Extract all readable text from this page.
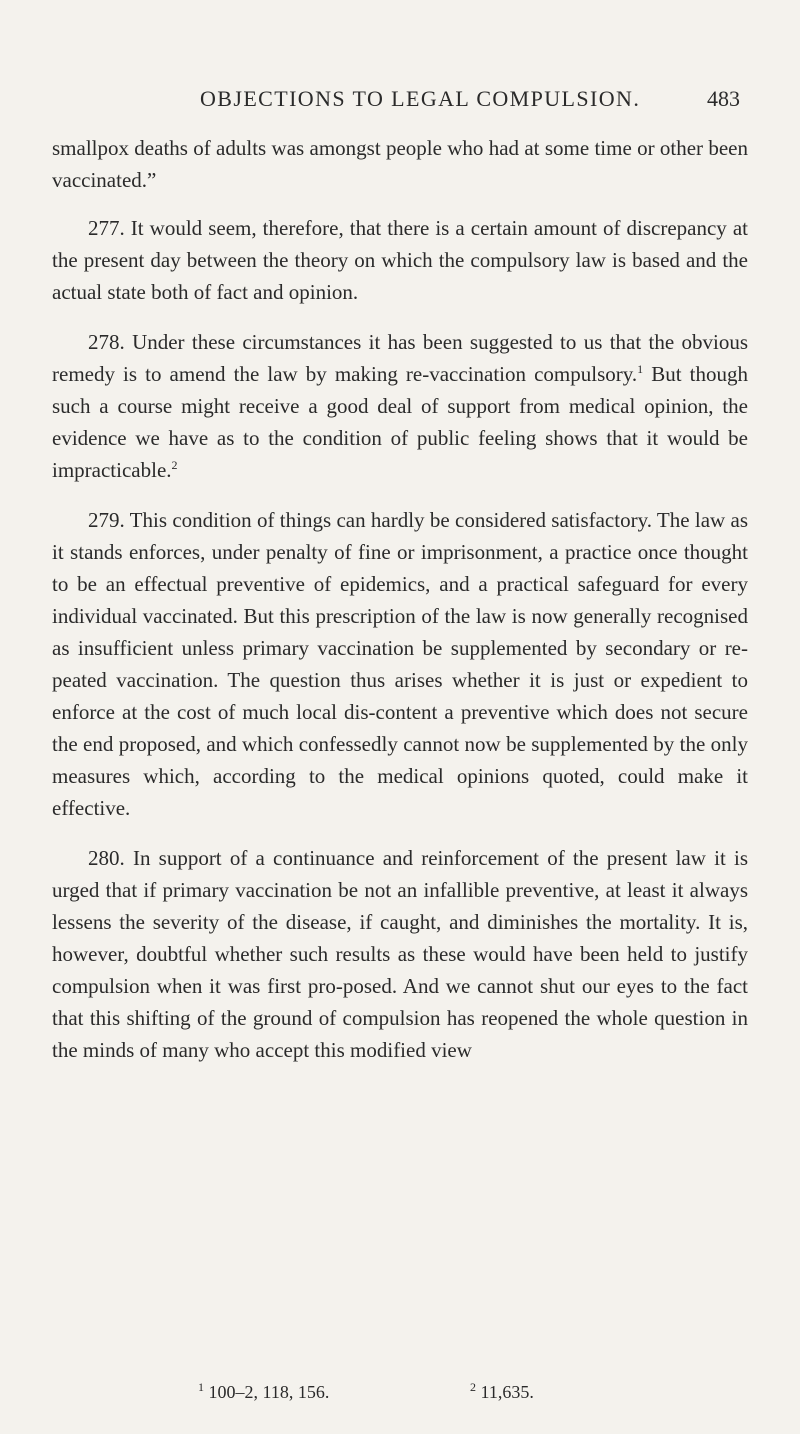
OBJECTIONS TO LEGAL COMPULSION.	483

smallpox deaths of adults was amongst people who had at some time or other been vaccinated.”

277. It would seem, therefore, that there is a certain amount of discrepancy at the present day between the theory on which the compulsory law is based and the actual state both of fact and opinion.

278. Under these circumstances it has been suggested to us that the obvious remedy is to amend the law by making re-vaccination compulsory.$^1$ But though such a course might receive a good deal of support from medical opinion, the evidence we have as to the condition of public feeling shows that it would be impracticable.$^2$

279. This condition of things can hardly be considered satisfactory. The law as it stands enforces, under penalty of fine or imprisonment, a practice once thought to be an effectual preventive of epidemics, and a practical safeguard for every individual vaccinated. But this prescription of the law is now generally recognised as insufficient unless primary vaccination be supplemented by secondary or re-peated vaccination. The question thus arises whether it is just or expedient to enforce at the cost of much local dis-content a preventive which does not secure the end proposed, and which confessedly cannot now be supplemented by the only measures which, according to the medical opinions quoted, could make it effective.

280. In support of a continuance and reinforcement of the present law it is urged that if primary vaccination be not an infallible preventive, at least it always lessens the severity of the disease, if caught, and diminishes the mortality. It is, however, doubtful whether such results as these would have been held to justify compulsion when it was first pro-posed. And we cannot shut our eyes to the fact that this shifting of the ground of compulsion has reopened the whole question in the minds of many who accept this modified view

$^1$ 100–2, 118, 156.	$^2$ 11,635.
